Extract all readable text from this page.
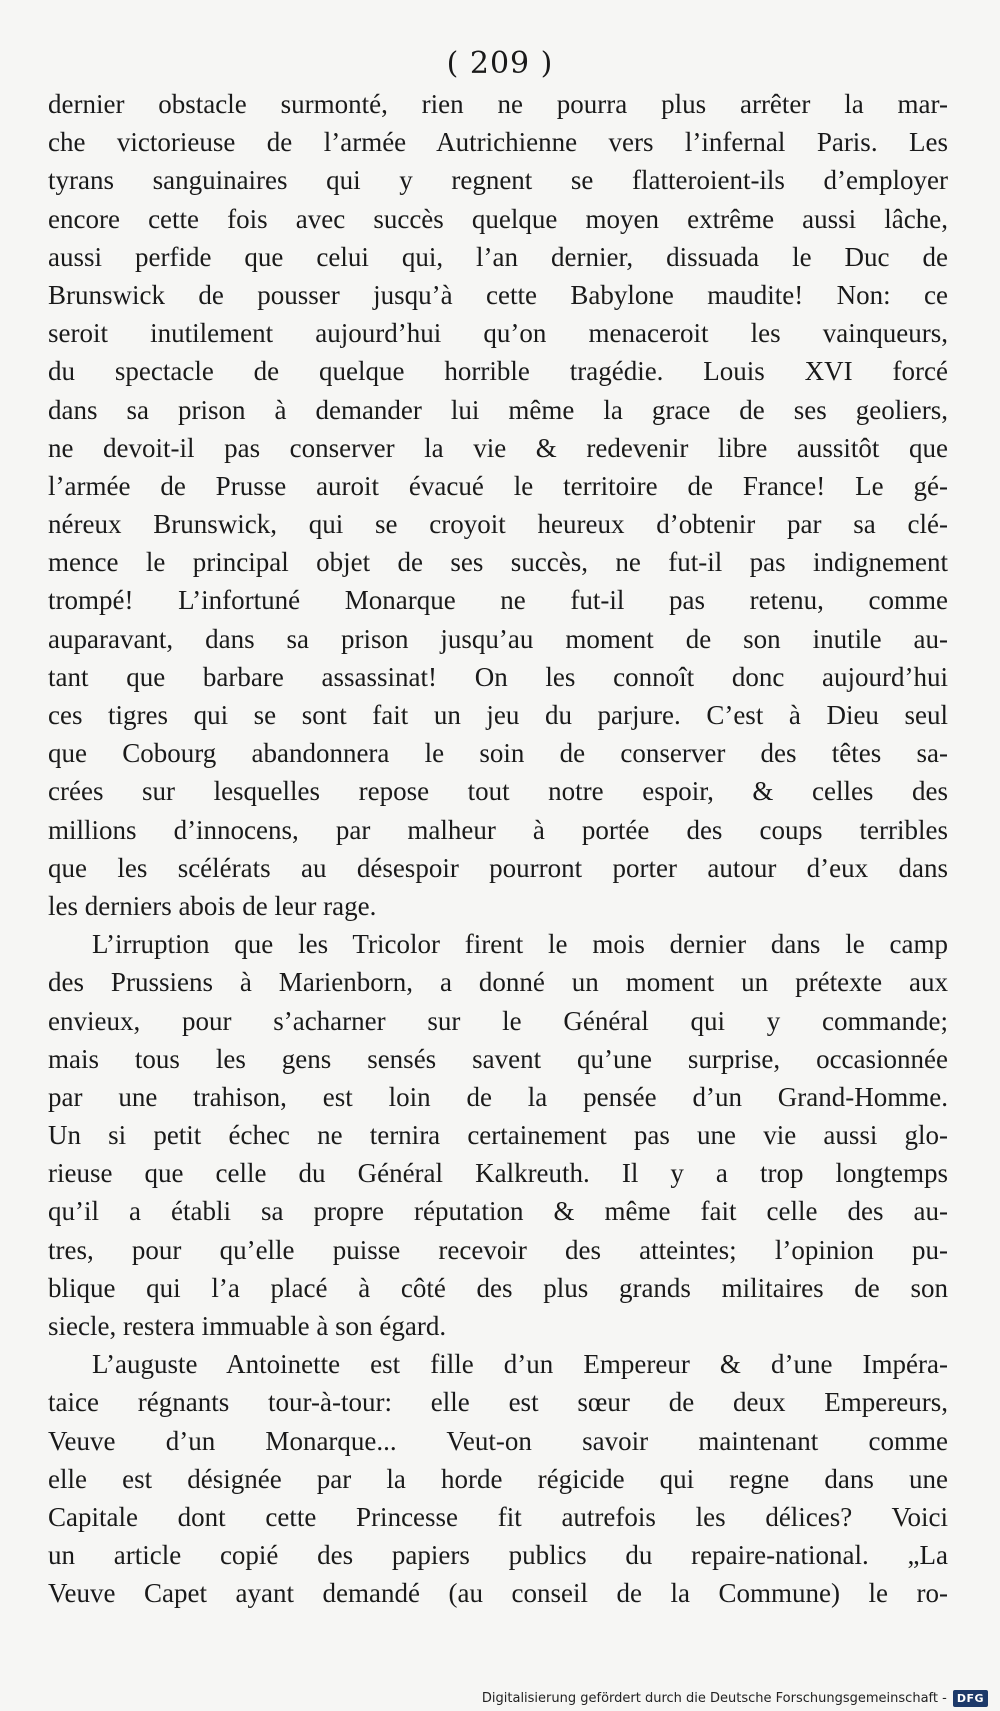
( 209 )
dernier obstacle surmonté, rien ne pourra plus arrêter la mar-
che victorieuse de l’armée Autrichienne vers l’infernal Paris. Les
tyrans sanguinaires qui y regnent se flatteroient-ils d’employer
encore cette fois avec succès quelque moyen extrême aussi lâche,
aussi perfide que celui qui, l’an dernier, dissuada le Duc de
Brunswick de pousser jusqu’à cette Babylone maudite! Non: ce
seroit inutilement aujourd’hui qu’on menaceroit les vainqueurs,
du spectacle de quelque horrible tragédie. Louis XVI forcé
dans sa prison à demander lui même la grace de ses geoliers,
ne devoit-il pas conserver la vie & redevenir libre aussitôt que
l’armée de Prusse auroit évacué le territoire de France! Le gé-
néreux Brunswick, qui se croyoit heureux d’obtenir par sa clé-
mence le principal objet de ses succès, ne fut-il pas indignement
trompé! L’infortuné Monarque ne fut-il pas retenu, comme
auparavant, dans sa prison jusqu’au moment de son inutile au-
tant que barbare assassinat! On les connoît donc aujourd’hui
ces tigres qui se sont fait un jeu du parjure. C’est à Dieu seul
que Cobourg abandonnera le soin de conserver des têtes sa-
crées sur lesquelles repose tout notre espoir, & celles des
millions d’innocens, par malheur à portée des coups terribles
que les scélérats au désespoir pourront porter autour d’eux dans
les derniers abois de leur rage.
L’irruption que les Tricolor firent le mois dernier dans le camp
des Prussiens à Marienborn, a donné un moment un prétexte aux
envieux, pour s’acharner sur le Général qui y commande;
mais tous les gens sensés savent qu’une surprise, occasionnée
par une trahison, est loin de la pensée d’un Grand-Homme.
Un si petit échec ne ternira certainement pas une vie aussi glo-
rieuse que celle du Général Kalkreuth. Il y a trop longtemps
qu’il a établi sa propre réputation & même fait celle des au-
tres, pour qu’elle puisse recevoir des atteintes; l’opinion pu-
blique qui l’a placé à côté des plus grands militaires de son
siecle, restera immuable à son égard.
L’auguste Antoinette est fille d’un Empereur & d’une Impéra-
taice régnants tour-à-tour: elle est sœur de deux Empereurs,
Veuve d’un Monarque... Veut-on savoir maintenant comme
elle est désignée par la horde régicide qui regne dans une
Capitale dont cette Princesse fit autrefois les délices? Voici
un article copié des papiers publics du repaire-national. „La
Veuve Capet ayant demandé (au conseil de la Commune) le ro-
Digitalisierung gefördert durch die Deutsche Forschungsgemeinschaft - DFG
